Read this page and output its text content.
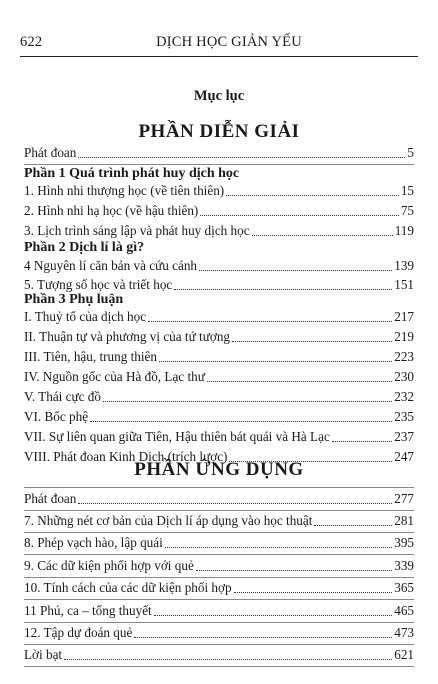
622	DỊCH HỌC GIẢN YẾU
Mục lục
PHẦN DIỄN GIẢI
Phát đoan	5
Phần 1 Quá trình phát huy dịch học
1. Hình nhi thượng học (về tiên thiên)	15
2. Hình nhi hạ học (về hậu thiên)	75
3. Lịch trình sáng lập và phát huy dịch học	119
Phần 2 Dịch lí là gì?
4 Nguyên lí căn bản và cứu cánh	139
5. Tượng số học và triết học	151
Phần 3 Phụ luận
I. Thuỷ tổ của dịch học	217
II. Thuận tự và phương vị của tứ tượng	219
III. Tiên, hậu, trung thiên	223
IV. Nguồn gốc của Hà đồ, Lạc thư	230
V. Thái cực đồ	232
VI. Bốc phệ	235
VII. Sự liên quan giữa Tiên, Hậu thiên bát quái và Hà Lạc	237
VIII. Phát đoan Kinh Dịch (trích lược)	247
PHẦN ỨNG DỤNG
Phát đoan	277
7. Những nét cơ bản của Dịch lí áp dụng vào học thuật	281
8. Phép vạch hào, lập quái	395
9. Các dữ kiện phối hợp với quẻ	339
10. Tính cách của các dữ kiện phối hợp	365
11 Phú, ca – tổng thuyết	465
12. Tập dự đoán quẻ	473
Lời bạt	621
